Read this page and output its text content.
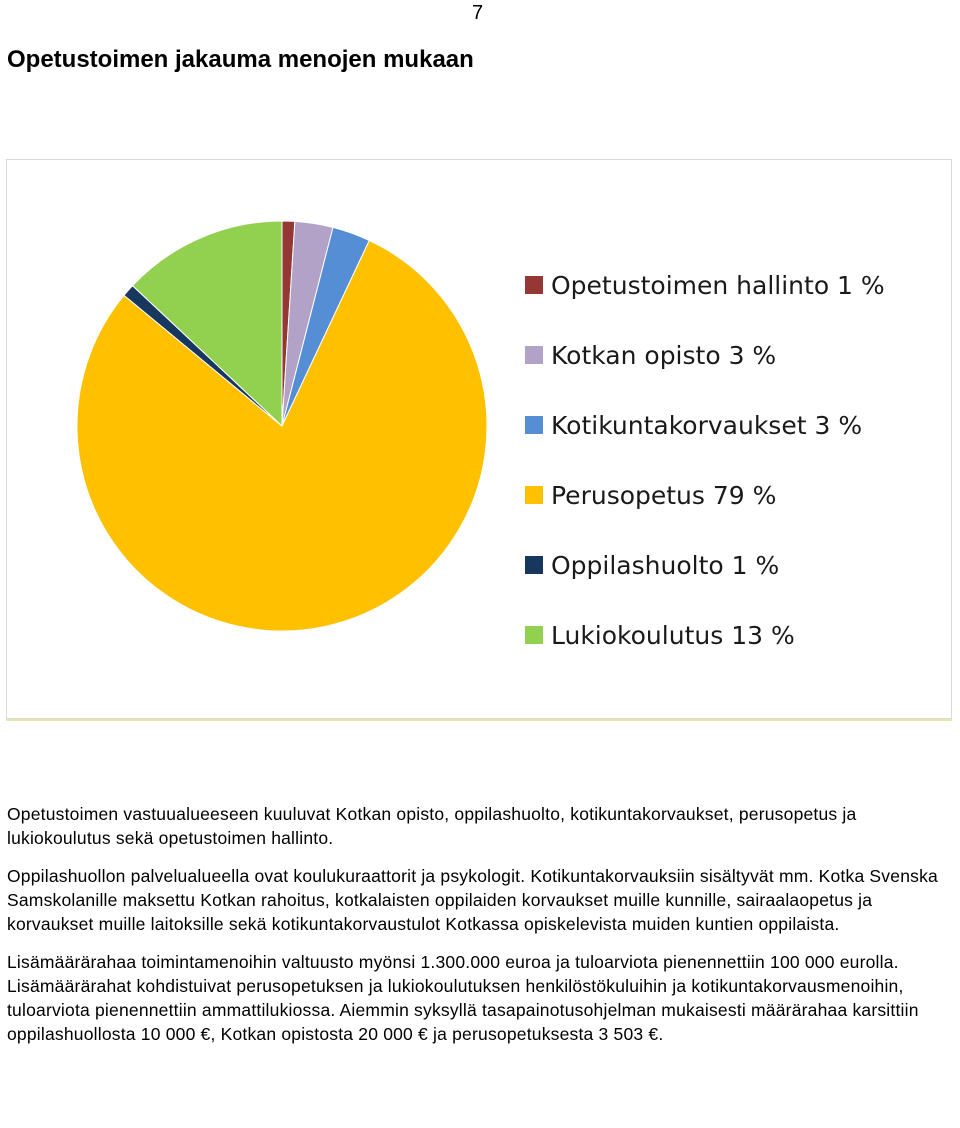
7
Opetustoimen jakauma menojen mukaan
Opetustoimen hallinto 1 %
Kotkan opisto 3 %
Kotikuntakorvaukset 3 %
Perusopetus 79 %
Oppilashuolto 1 %
Lukiokoulutus 13 %

Opetustoimen vastuualueeseen kuuluvat Kotkan opisto, oppilashuolto, kotikuntakorvaukset, perusopetus ja lukiokoulutus sekä opetustoimen hallinto.

Oppilashuollon palvelualueella ovat koulukuraattorit ja psykologit. Kotikuntakorvauksiin sisältyvät mm. Kotka Svenska Samskolanille maksettu Kotkan rahoitus, kotkalaisten oppilaiden korvaukset muille kunnille, sairaalaopetus ja korvaukset muille laitoksille sekä kotikuntakorvaustulot Kotkassa opiskelevista muiden kuntien oppilaista.

Lisämäärärahaa toimintamenoihin valtuusto myönsi 1.300.000 euroa ja tuloarviota pienennettiin 100 000 eurolla. Lisämäärärahat kohdistuivat perusopetuksen ja lukiokoulutuksen henkilöstökuluihin ja kotikuntakorvausmenoihin, tuloarviota pienennettiin ammattilukiossa. Aiemmin syksyllä tasapainotusohjelman mukaisesti määrärahaa karsittiin oppilashuollosta 10 000 €, Kotkan opistosta 20 000 € ja perusopetuksesta 3 503 €.
